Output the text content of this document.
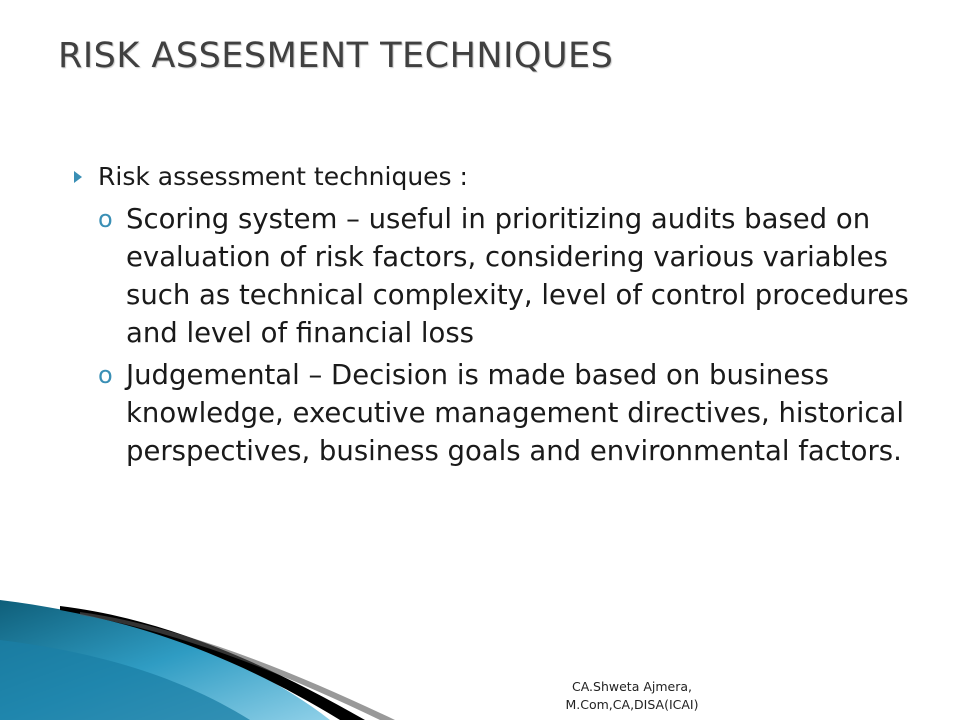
RISK ASSESMENT TECHNIQUES
Risk assessment techniques :
o Scoring system – useful in prioritizing audits based on evaluation of risk factors, considering various variables such as technical complexity, level of control procedures and level of financial loss
o Judgemental – Decision is made based on business knowledge, executive management directives, historical perspectives, business goals and environmental factors.
CA.Shweta Ajmera,
M.Com,CA,DISA(ICAI)
